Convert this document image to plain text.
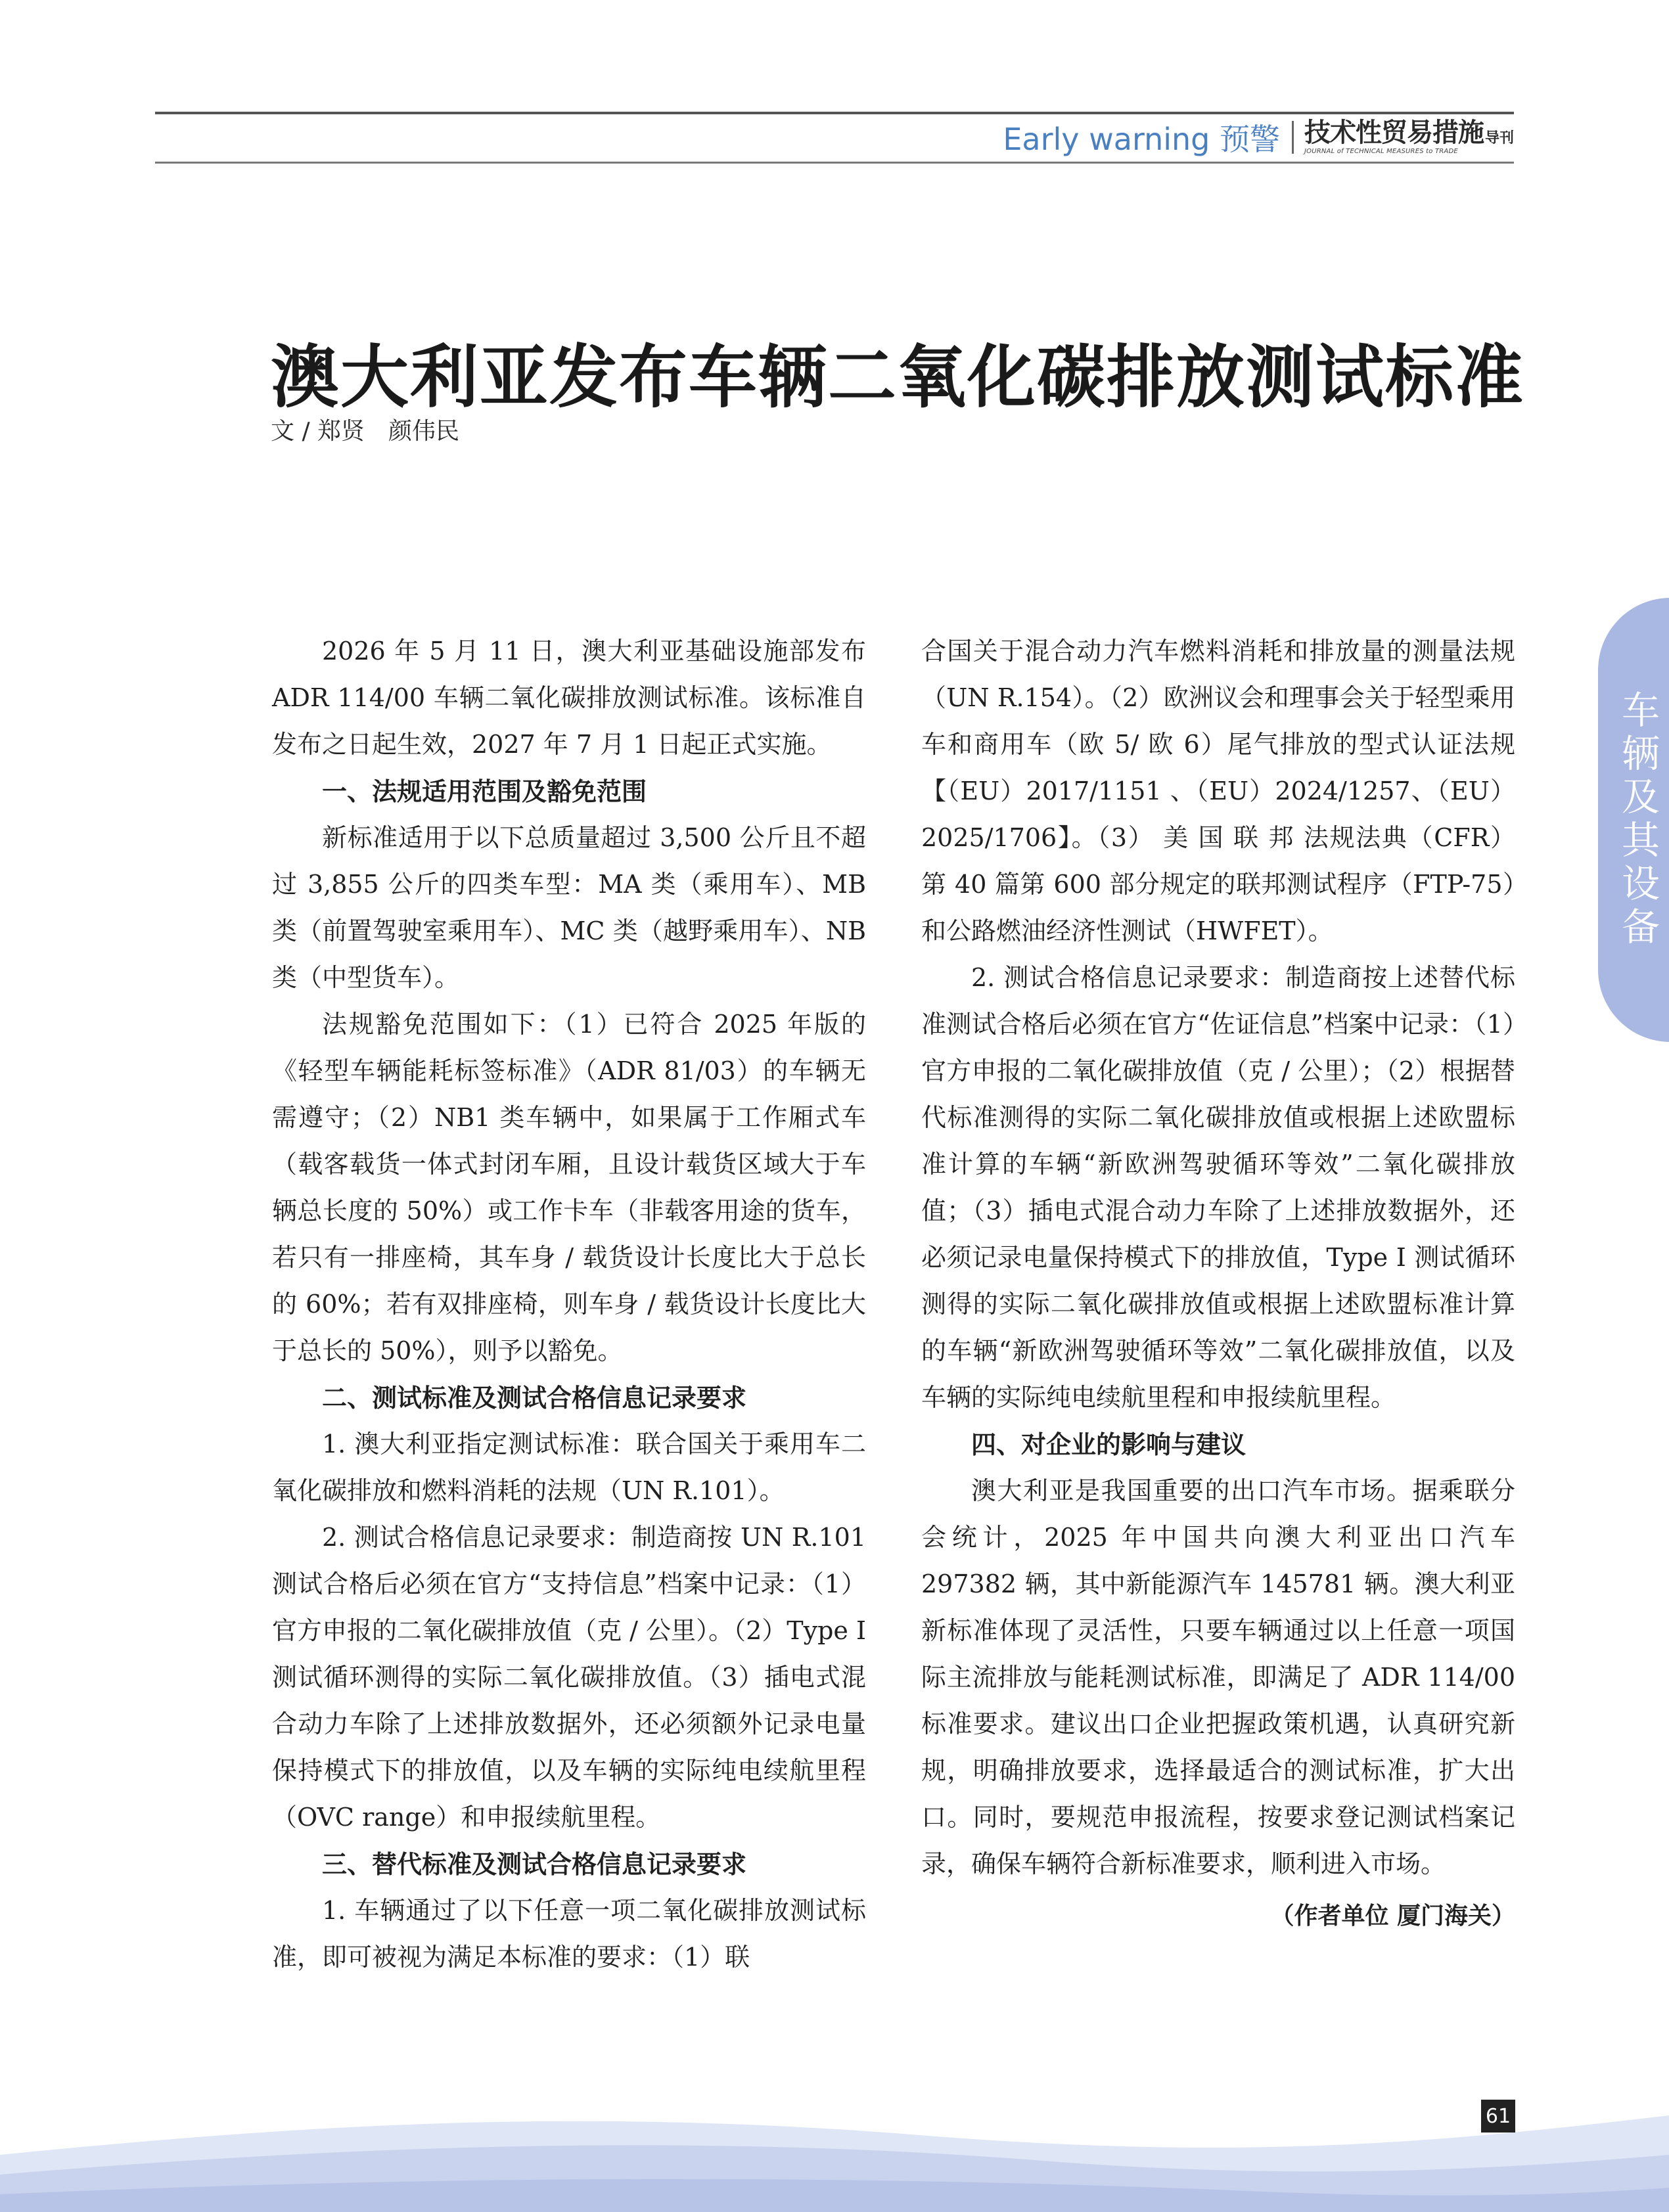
Early warning 预警 技术性贸易措施 导刊
JOURNAL of TECHNICAL MEASURES to TRADE
澳大利亚发布车辆二氧化碳排放测试标准
文 / 郑贤　颜伟民
车辆及其设备

2026 年 5 月 11 日，澳大利亚基础设施部发布 ADR 114/00 车辆二氧化碳排放测试标准。该标准自发布之日起生效，2027 年 7 月 1 日起正式实施。

一、法规适用范围及豁免范围

新标准适用于以下总质量超过 3,500 公斤且不超过 3,855 公斤的四类车型：MA 类（乘用车）、MB 类（前置驾驶室乘用车）、MC 类（越野乘用车）、NB 类（中型货车）。

法规豁免范围如下：（1）已符合 2025 年版的《轻型车辆能耗标签标准》（ADR 81/03）的车辆无需遵守；（2）NB1 类车辆中，如果属于工作厢式车（载客载货一体式封闭车厢，且设计载货区域大于车辆总长度的 50%）或工作卡车（非载客用途的货车，若只有一排座椅，其车身 / 载货设计长度比大于总长的 60%；若有双排座椅，则车身 / 载货设计长度比大于总长的 50%），则予以豁免。

二、测试标准及测试合格信息记录要求

1. 澳大利亚指定测试标准：联合国关于乘用车二氧化碳排放和燃料消耗的法规（UN R.101）。

2. 测试合格信息记录要求：制造商按 UN R.101 测试合格后必须在官方“支持信息”档案中记录：（1）官方申报的二氧化碳排放值（克 / 公里）。（2）Type I 测试循环测得的实际二氧化碳排放值。（3）插电式混合动力车除了上述排放数据外，还必须额外记录电量保持模式下的排放值，以及车辆的实际纯电续航里程（OVC range）和申报续航里程。

三、替代标准及测试合格信息记录要求

1. 车辆通过了以下任意一项二氧化碳排放测试标准，即可被视为满足本标准的要求：（1）联

合国关于混合动力汽车燃料消耗和排放量的测量法规（UN R.154）。（2）欧洲议会和理事会关于轻型乘用车和商用车（欧 5/ 欧 6）尾气排放的型式认证法规【（EU）2017/1151 、（EU）2024/1257、（EU）2025/1706】。（3） 美 国 联 邦 法规法典（CFR）第 40 篇第 600 部分规定的联邦测试程序（FTP-75）和公路燃油经济性测试（HWFET）。

2. 测试合格信息记录要求：制造商按上述替代标准测试合格后必须在官方“佐证信息”档案中记录：（1）官方申报的二氧化碳排放值（克 / 公里）；（2）根据替代标准测得的实际二氧化碳排放值或根据上述欧盟标准计算的车辆“新欧洲驾驶循环等效”二氧化碳排放值；（3）插电式混合动力车除了上述排放数据外，还必须记录电量保持模式下的排放值，Type I 测试循环测得的实际二氧化碳排放值或根据上述欧盟标准计算的车辆“新欧洲驾驶循环等效”二氧化碳排放值，以及车辆的实际纯电续航里程和申报续航里程。

四、对企业的影响与建议

澳大利亚是我国重要的出口汽车市场。据乘联分会统计，2025 年中国共向澳大利亚出口汽车 297382 辆，其中新能源汽车 145781 辆。澳大利亚新标准体现了灵活性，只要车辆通过以上任意一项国际主流排放与能耗测试标准，即满足了 ADR 114/00 标准要求。建议出口企业把握政策机遇，认真研究新规，明确排放要求，选择最适合的测试标准，扩大出口。同时，要规范申报流程，按要求登记测试档案记录，确保车辆符合新标准要求，顺利进入市场。

（作者单位 厦门海关）
61
